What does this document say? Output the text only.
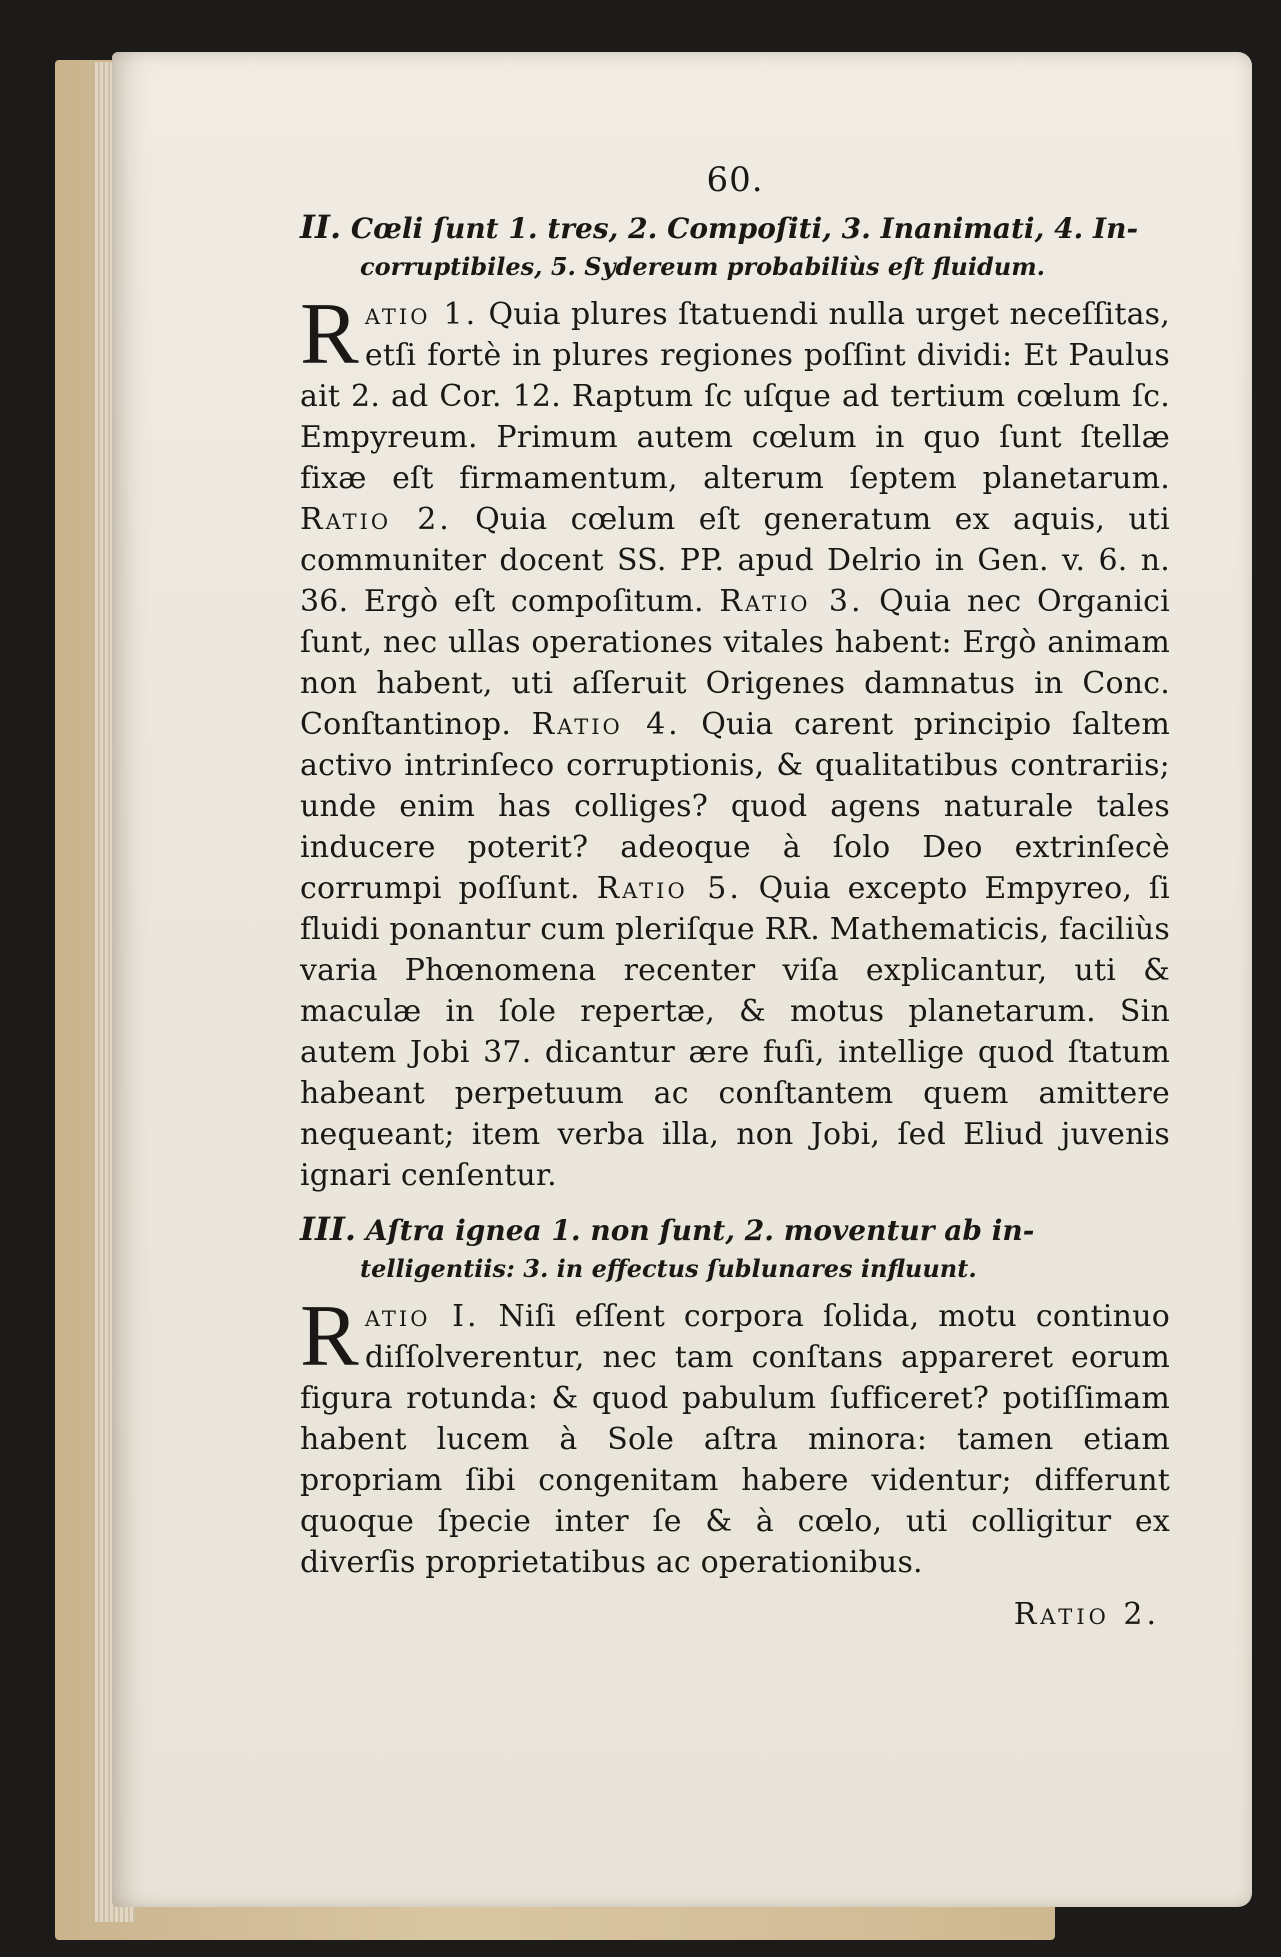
60.
II. Cœli ſunt 1. tres, 2. Compoſiti, 3. Inanimati, 4. In-
corruptibiles, 5. Sydereum probabiliùs eſt fluidum.

R atio 1. Quia plures ſtatuendi nulla urget neceſſitas, etſi fortè in plures regiones poſſint dividi: Et Paulus ait 2. ad Cor. 12. Raptum ſc uſque ad tertium cœlum ſc. Empyreum. Primum autem cœlum in quo ſunt ſtellæ fixæ eſt firmamentum, alterum ſeptem planetarum. Ratio 2. Quia cœlum eſt generatum ex aquis, uti communiter docent SS. PP. apud Delrio in Gen. v. 6. n. 36. Ergò eſt compoſitum. Ratio 3. Quia nec Organici ſunt, nec ullas operationes vitales habent: Ergò animam non habent, uti aſſeruit Origenes damnatus in Conc. Conſtantinop. Ratio 4. Quia carent principio ſaltem activo intrinſeco corruptionis, & qualitatibus contrariis; unde enim has colliges? quod agens naturale tales inducere poterit? adeoque à ſolo Deo extrinſecè corrumpi poſſunt. Ratio 5. Quia excepto Empyreo, ſi fluidi ponantur cum pleriſque RR. Mathematicis, faciliùs varia Phœnomena recenter viſa explicantur, uti & maculæ in ſole repertæ, & motus planetarum. Sin autem Jobi 37. dicantur ære fuſi, intellige quod ſtatum habeant perpetuum ac conſtantem quem amittere nequeant; item verba illa, non Jobi, ſed Eliud juvenis ignari cenſentur.

III. Aſtra ignea 1. non ſunt, 2. moventur ab in-
telligentiis: 3. in effectus ſublunares influunt.

R atio I. Niſi eſſent corpora ſolida, motu continuo diſſolverentur, nec tam conſtans appareret eorum figura rotunda: & quod pabulum ſufficeret? potiſſimam habent lucem à Sole aſtra minora: tamen etiam propriam ſibi congenitam habere videntur; differunt quoque ſpecie inter ſe & à cœlo, uti colligitur ex diverſis proprietatibus ac operationibus.

Ratio 2.
